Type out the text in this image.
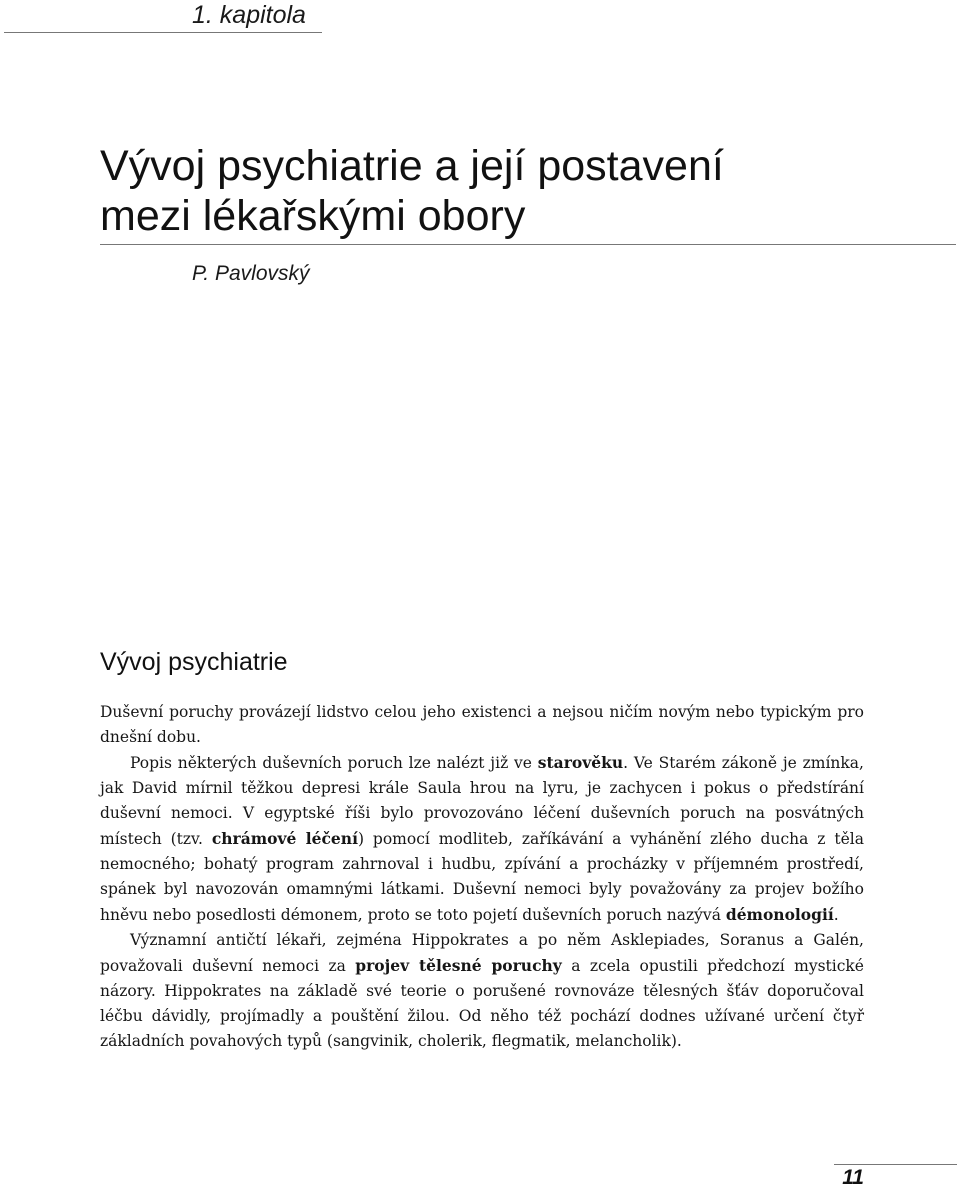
1. kapitola
Vývoj psychiatrie a její postavení
mezi lékařskými obory
P. Pavlovský
Vývoj psychiatrie

Duševní poruchy provázejí lidstvo celou jeho existenci a nejsou ničím novým nebo typickým pro dnešní dobu.

Popis některých duševních poruch lze nalézt již ve starověku. Ve Starém zákoně je zmínka, jak David mírnil těžkou depresi krále Saula hrou na lyru, je zachycen i pokus o předstírání duševní nemoci. V egyptské říši bylo provozováno léčení duševních poruch na posvátných místech (tzv. chrámové léčení) pomocí modliteb, zaříkávání a vyhánění zlého ducha z těla nemocného; bohatý program zahrnoval i hudbu, zpívání a procházky v příjemném prostředí, spánek byl navozován omamnými látkami. Duševní nemoci byly považovány za projev božího hněvu nebo posedlosti démonem, proto se toto pojetí duševních poruch nazývá démonologií.

Významní antičtí lékaři, zejména Hippokrates a po něm Asklepiades, Soranus a Galén, považovali duševní nemoci za projev tělesné poruchy a zcela opustili předchozí mystické názory. Hippokrates na základě své teorie o porušené rovnováze tělesných šťáv doporučoval léčbu dávidly, projímadly a pouštění žilou. Od něho též pochází dodnes užívané určení čtyř základních povahových typů (sangvinik, cholerik, flegmatik, melancholik).

11
